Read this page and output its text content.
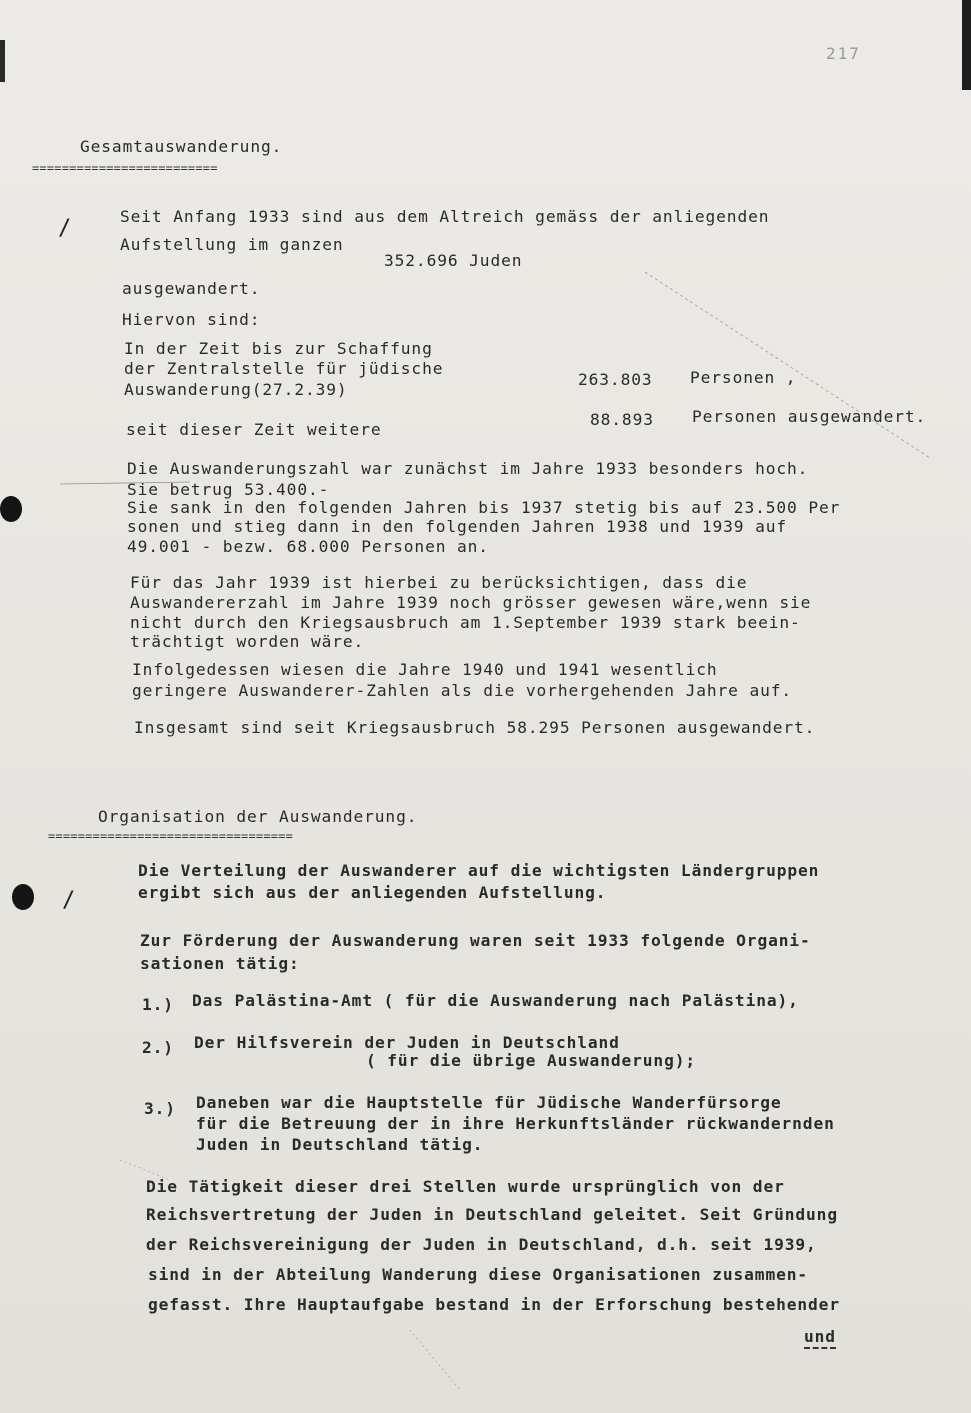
217
Gesamtauswanderung.
=========================
/	Seit Anfang 1933 sind aus dem Altreich gemäss der anliegenden
Aufstellung im ganzen
352.696 Juden
ausgewandert.
Hiervon sind:
In der Zeit bis zur Schaffung
der Zentralstelle für jüdische
Auswanderung(27.2.39)
263.803 Personen ,
seit dieser Zeit weitere
88.893 Personen ausgewandert.
Die Auswanderungszahl war zunächst im Jahre 1933 besonders hoch.
Sie betrug 53.400.-
Sie sank in den folgenden Jahren bis 1937 stetig bis auf 23.500 Per
sonen und stieg dann in den folgenden Jahren 1938 und 1939 auf
49.001 - bezw. 68.000 Personen an.
Für das Jahr 1939 ist hierbei zu berücksichtigen, dass die
Auswandererzahl im Jahre 1939 noch grösser gewesen wäre,wenn sie
nicht durch den Kriegsausbruch am 1.September 1939 stark beein-
trächtigt worden wäre.
Infolgedessen wiesen die Jahre 1940 und 1941 wesentlich
geringere Auswanderer-Zahlen als die vorhergehenden Jahre auf.
Insgesamt sind seit Kriegsausbruch 58.295 Personen ausgewandert.
Organisation der Auswanderung.
=================================
/
Die Verteilung der Auswanderer auf die wichtigsten Ländergruppen
ergibt sich aus der anliegenden Aufstellung.
Zur Förderung der Auswanderung waren seit 1933 folgende Organi-
sationen tätig:
1.) Das Palästina-Amt ( für die Auswanderung nach Palästina),
2.) Der Hilfsverein der Juden in Deutschland
( für die übrige Auswanderung);
3.) Daneben war die Hauptstelle für Jüdische Wanderfürsorge
für die Betreuung der in ihre Herkunftsländer rückwandernden
Juden in Deutschland tätig.
Die Tätigkeit dieser drei Stellen wurde ursprünglich von der
Reichsvertretung der Juden in Deutschland geleitet. Seit Gründung
der Reichsvereinigung der Juden in Deutschland, d.h. seit 1939,
sind in der Abteilung Wanderung diese Organisationen zusammen-
gefasst. Ihre Hauptaufgabe bestand in der Erforschung bestehender
und
